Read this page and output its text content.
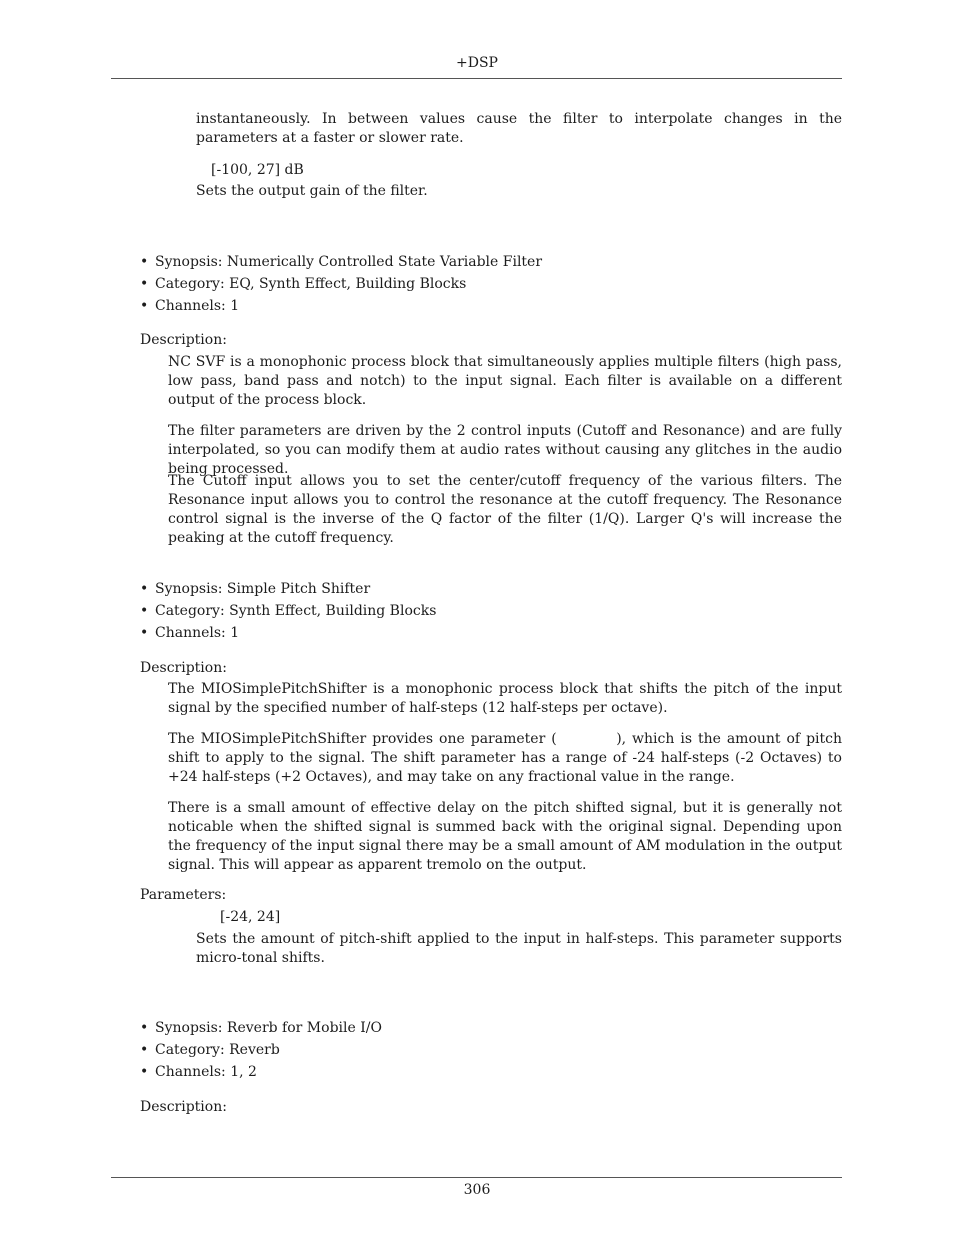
+DSP

instantaneously. In between values cause the filter to interpolate changes in the parameters at a faster or slower rate.

[-100, 27] dB

Sets the output gain of the filter.

• Synopsis: Numerically Controlled State Variable Filter
• Category: EQ, Synth Effect, Building Blocks
• Channels: 1
Description:

NC SVF is a monophonic process block that simultaneously applies multiple filters (high pass, low pass, band pass and notch) to the input signal. Each filter is available on a different output of the process block.

The filter parameters are driven by the 2 control inputs (Cutoff and Resonance) and are fully interpolated, so you can modify them at audio rates without causing any glitches in the audio being processed.

The Cutoff input allows you to set the center/cutoff frequency of the various filters. The Resonance input allows you to control the resonance at the cutoff frequency. The Resonance control signal is the inverse of the Q factor of the filter (1/Q). Larger Q's will increase the peaking at the cutoff frequency.

• Synopsis: Simple Pitch Shifter
• Category: Synth Effect, Building Blocks
• Channels: 1
Description:

The MIOSimplePitchShifter is a monophonic process block that shifts the pitch of the input signal by the specified number of half-steps (12 half-steps per octave).

The MIOSimplePitchShifter provides one parameter (          ), which is the amount of pitch shift to apply to the signal. The shift parameter has a range of -24 half-steps (-2 Octaves) to +24 half-steps (+2 Octaves), and may take on any fractional value in the range.

There is a small amount of effective delay on the pitch shifted signal, but it is generally not noticable when the shifted signal is summed back with the original signal. Depending upon the frequency of the input signal there may be a small amount of AM modulation in the output signal. This will appear as apparent tremolo on the output.

Parameters:
[-24, 24]

Sets the amount of pitch-shift applied to the input in half-steps. This parameter supports micro-tonal shifts.

• Synopsis: Reverb for Mobile I/O
• Category: Reverb
• Channels: 1, 2
Description:
306
